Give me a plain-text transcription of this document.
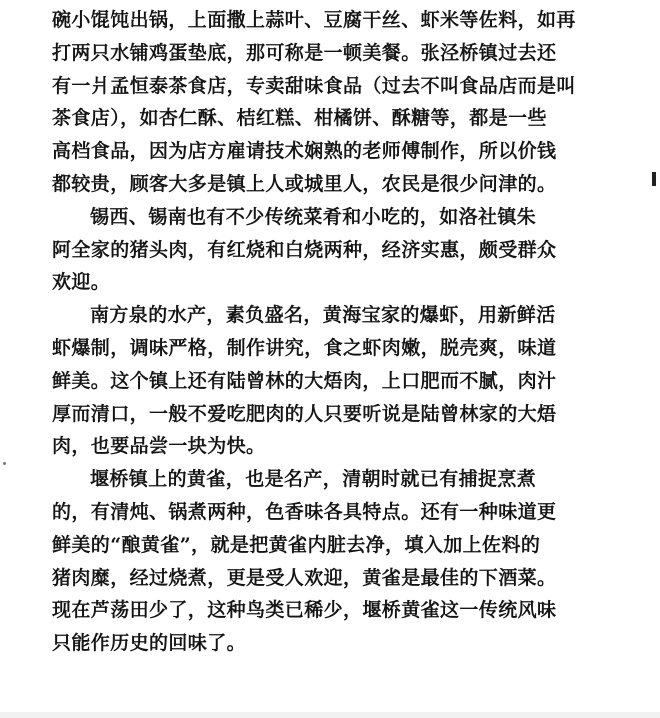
碗小馄饨出锅，上面撒上蒜叶、豆腐干丝、虾米等佐料，如再
打两只水铺鸡蛋垫底，那可称是一顿美餐。张泾桥镇过去还
有一爿孟恒泰茶食店，专卖甜味食品（过去不叫食品店而是叫
茶食店），如杏仁酥、桔红糕、柑橘饼、酥糖等，都是一些
高档食品，因为店方雇请技术娴熟的老师傅制作，所以价钱
都较贵，顾客大多是镇上人或城里人，农民是很少问津的。
锡西、锡南也有不少传统菜肴和小吃的，如洛社镇朱
阿全家的猪头肉，有红烧和白烧两种，经济实惠，颇受群众
欢迎。
南方泉的水产，素负盛名，黄海宝家的爆虾，用新鲜活
虾爆制，调味严格，制作讲究，食之虾肉嫩，脱壳爽，味道
鲜美。这个镇上还有陆曾林的大焐肉，上口肥而不腻，肉汁
厚而清口，一般不爱吃肥肉的人只要听说是陆曾林家的大焐
肉，也要品尝一块为快。
堰桥镇上的黄雀，也是名产，清朝时就已有捕捉烹煮
的，有清炖、锅煮两种，色香味各具特点。还有一种味道更
鲜美的“酿黄雀”，就是把黄雀内脏去净，填入加上佐料的
猪肉糜，经过烧煮，更是受人欢迎，黄雀是最佳的下酒菜。
现在芦荡田少了，这种鸟类已稀少，堰桥黄雀这一传统风味
只能作历史的回味了。
